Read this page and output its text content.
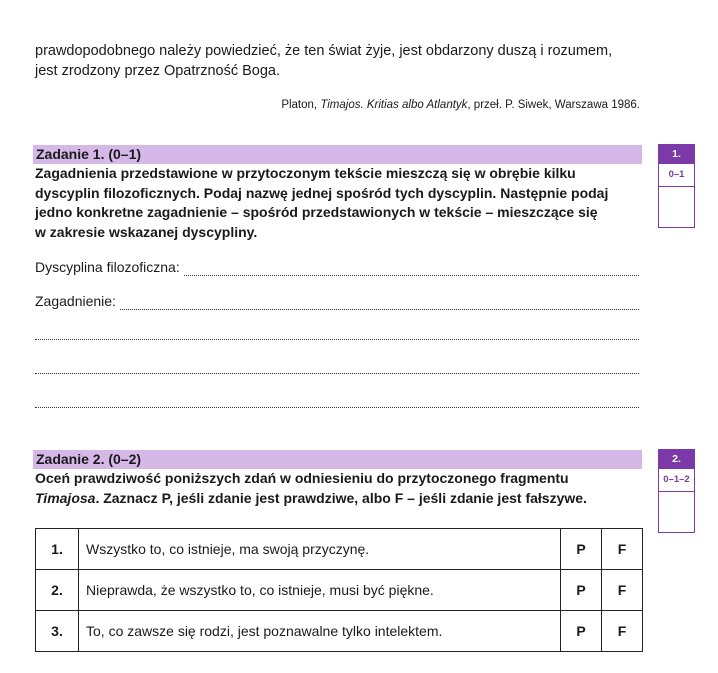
prawdopodobnego należy powiedzieć, że ten świat żyje, jest obdarzony duszą i rozumem,

jest zrodzony przez Opatrzność Boga.

Platon, Timajos. Kritias albo Atlantyk, przeł. P. Siwek, Warszawa 1986.
Zadanie 1. (0–1)

Zagadnienia przedstawione w przytoczonym tekście mieszczą się w obrębie kilku

dyscyplin filozoficznych. Podaj nazwę jednej spośród tych dyscyplin. Następnie podaj

jedno konkretne zagadnienie – spośród przedstawionych w tekście – mieszczące się

w zakresie wskazanej dyscypliny.

1.
0–1
Dyscyplina filozoficzna:
Zagadnienie:
Zadanie 2. (0–2)

Oceń prawdziwość poniższych zdań w odniesieniu do przytoczonego fragmentu

Timajosa. Zaznacz P, jeśli zdanie jest prawdziwe, albo F – jeśli zdanie jest fałszywe.

2.
0–1–2
1.	Wszystko to, co istnieje, ma swoją przyczynę.	P	F
2.	Nieprawda, że wszystko to, co istnieje, musi być piękne.	P	F
3.	To, co zawsze się rodzi, jest poznawalne tylko intelektem.	P	F
